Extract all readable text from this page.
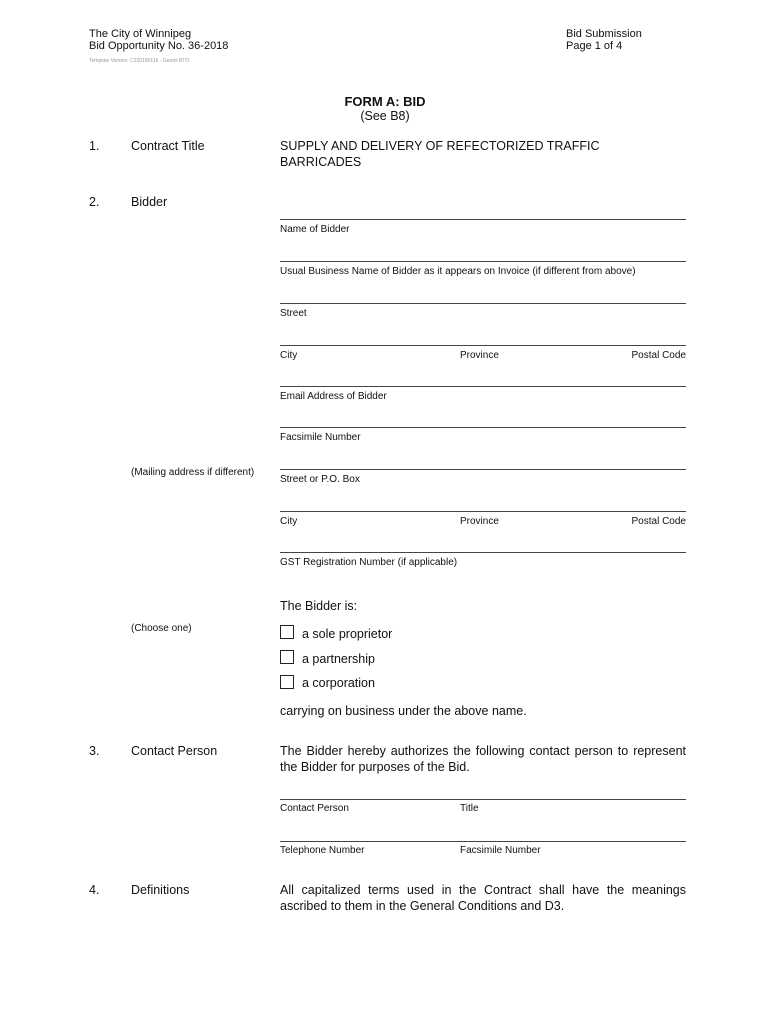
The City of Winnipeg
Bid Opportunity No. 36-2018
Template Version: C220180115 - Goods BTO
Bid Submission
Page 1 of 4
FORM A: BID
(See B8)
1.	Contract Title	SUPPLY AND DELIVERY OF REFECTORIZED TRAFFIC
BARRICADES
2.	Bidder
Name of Bidder
Usual Business Name of Bidder as it appears on Invoice (if different from above)
Street
City	Province	Postal Code
Email Address of Bidder
Facsimile Number
(Mailing address if different)
Street or P.O. Box
City	Province	Postal Code
GST Registration Number (if applicable)
The Bidder is:
(Choose one)	a sole proprietor
a partnership
a corporation
carrying on business under the above name.
3.	Contact Person	The Bidder hereby authorizes the following contact person to represent the Bidder for purposes of the Bid.
Contact Person	Title
Telephone Number	Facsimile Number
4.	Definitions	All capitalized terms used in the Contract shall have the meanings ascribed to them in the General Conditions and D3.
